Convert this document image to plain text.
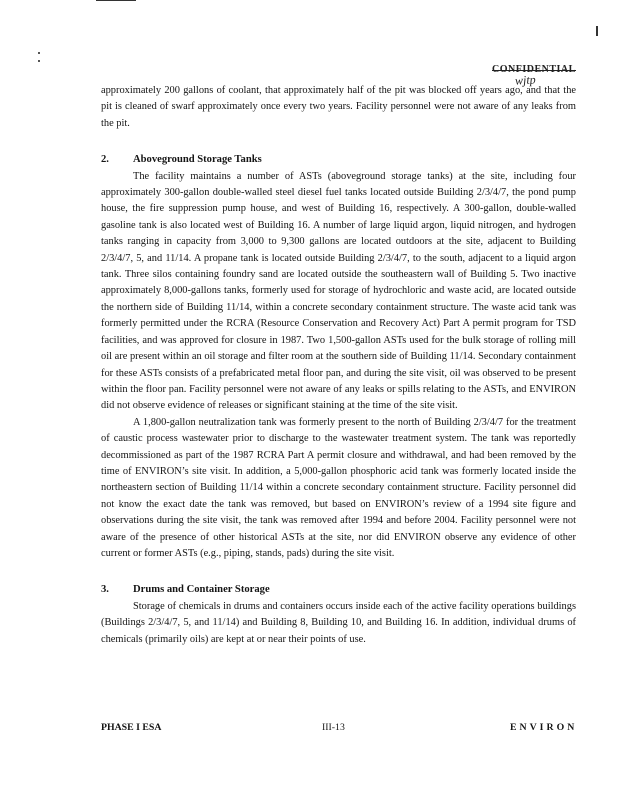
wjtp

approximately 200 gallons of coolant, that approximately half of the pit was blocked off years ago, and that the pit is cleaned of swarf approximately once every two years. Facility personnel were not aware of any leaks from the pit.

2. Aboveground Storage Tanks

The facility maintains a number of ASTs (aboveground storage tanks) at the site, including four approximately 300-gallon double-walled steel diesel fuel tanks located outside Building 2/3/4/7, the pond pump house, the fire suppression pump house, and west of Building 16, respectively. A 300-gallon, double-walled gasoline tank is also located west of Building 16. A number of large liquid argon, liquid nitrogen, and hydrogen tanks ranging in capacity from 3,000 to 9,300 gallons are located outdoors at the site, adjacent to Building 2/3/4/7, 5, and 11/14. A propane tank is located outside Building 2/3/4/7, to the south, adjacent to a liquid argon tank. Three silos containing foundry sand are located outside the southeastern wall of Building 5. Two inactive approximately 8,000-gallons tanks, formerly used for storage of hydrochloric and waste acid, are located outside the northern side of Building 11/14, within a concrete secondary containment structure. The waste acid tank was formerly permitted under the RCRA (Resource Conservation and Recovery Act) Part A permit program for TSD facilities, and was approved for closure in 1987. Two 1,500-gallon ASTs used for the bulk storage of rolling mill oil are present within an oil storage and filter room at the southern side of Building 11/14. Secondary containment for these ASTs consists of a prefabricated metal floor pan, and during the site visit, oil was observed to be present within the floor pan. Facility personnel were not aware of any leaks or spills relating to the ASTs, and ENVIRON did not observe evidence of releases or significant staining at the time of the site visit.

A 1,800-gallon neutralization tank was formerly present to the north of Building 2/3/4/7 for the treatment of caustic process wastewater prior to discharge to the wastewater treatment system. The tank was reportedly decommissioned as part of the 1987 RCRA Part A permit closure and withdrawal, and had been removed by the time of ENVIRON’s site visit. In addition, a 5,000-gallon phosphoric acid tank was formerly located inside the northeastern section of Building 11/14 within a concrete secondary containment structure. Facility personnel did not know the exact date the tank was removed, but based on ENVIRON’s review of a 1994 site figure and observations during the site visit, the tank was removed after 1994 and before 2004. Facility personnel were not aware of the presence of other historical ASTs at the site, nor did ENVIRON observe any evidence of other current or former ASTs (e.g., piping, stands, pads) during the site visit.

3. Drums and Container Storage

Storage of chemicals in drums and containers occurs inside each of the active facility operations buildings (Buildings 2/3/4/7, 5, and 11/14) and Building 8, Building 10, and Building 16. In addition, individual drums of chemicals (primarily oils) are kept at or near their points of use.

PHASE I ESA	III-13	ENVIRON
